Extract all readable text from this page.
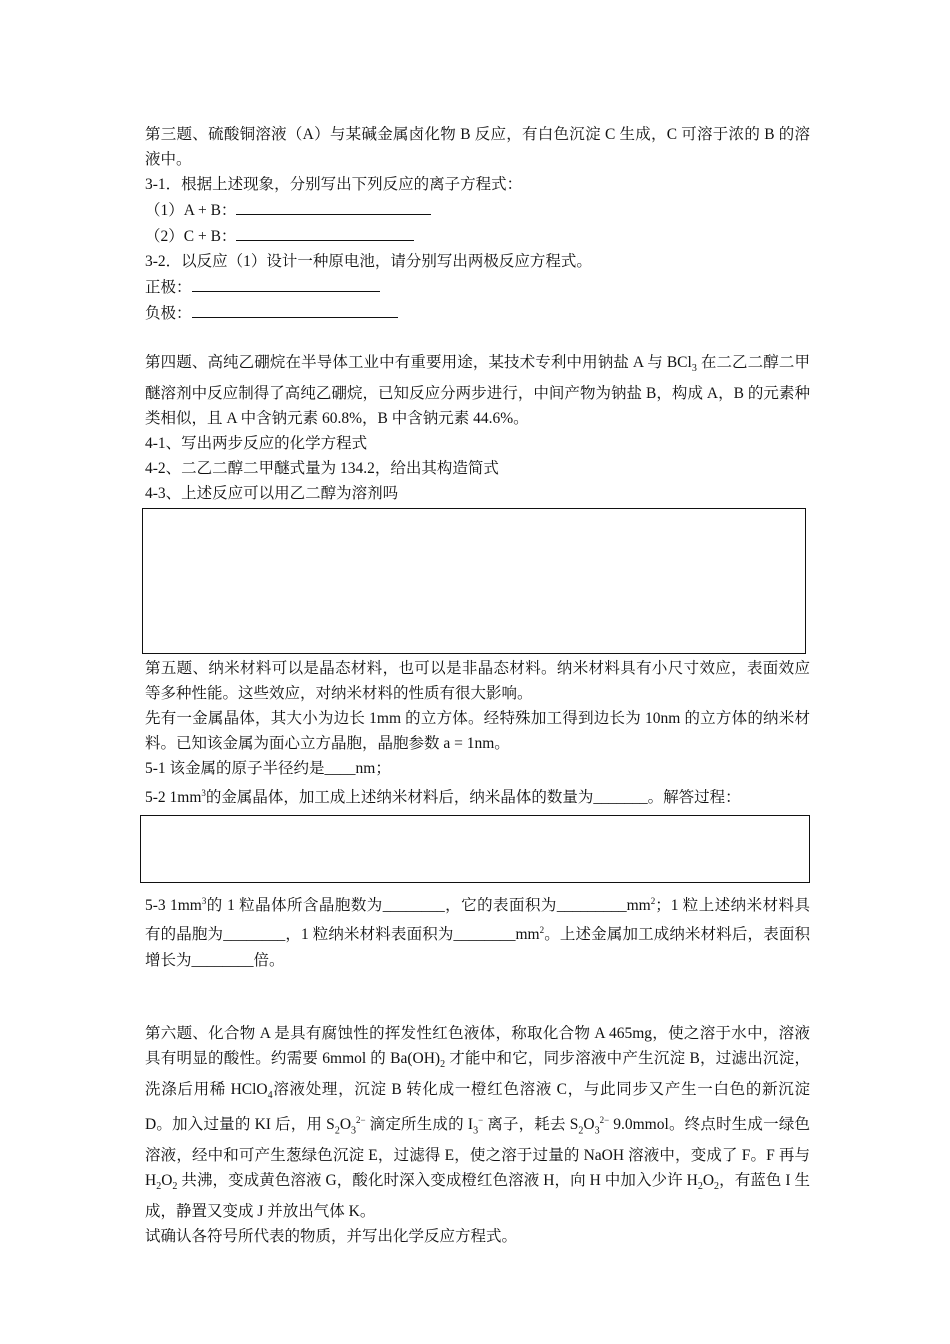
第三题、硫酸铜溶液（A）与某碱金属卤化物 B 反应，有白色沉淀 C 生成，C 可溶于浓的 B 的溶液中。

3-1．根据上述现象，分别写出下列反应的离子方程式：

（1）A + B：

（2）C + B：

3-2．以反应（1）设计一种原电池，请分别写出两极反应方程式。

正极：

负极：

第四题、高纯乙硼烷在半导体工业中有重要用途，某技术专利中用钠盐 A 与 BCl$_3$ 在二乙二醇二甲醚溶剂中反应制得了高纯乙硼烷，已知反应分两步进行，中间产物为钠盐 B，构成 A，B 的元素种类相似，且 A 中含钠元素 60.8%，B 中含钠元素 44.6%。

4-1、写出两步反应的化学方程式

4-2、二乙二醇二甲醚式量为 134.2，给出其构造简式

4-3、上述反应可以用乙二醇为溶剂吗

第五题、纳米材料可以是晶态材料，也可以是非晶态材料。纳米材料具有小尺寸效应，表面效应等多种性能。这些效应，对纳米材料的性质有很大影响。

先有一金属晶体，其大小为边长 1mm 的立方体。经特殊加工得到边长为 10nm 的立方体的纳米材料。已知该金属为面心立方晶胞，晶胞参数 a = 1nm。

5-1 该金属的原子半径约是____nm；

5-2 $1mm^3$的金属晶体，加工成上述纳米材料后，纳米晶体的数量为_______。解答过程：

5-3 $1mm^3$的 1 粒晶体所含晶胞数为________，它的表面积为$\_\_\_\_\_\_\_\_\_mm^2$；1 粒上述纳米材料具有的晶胞为________，1 粒纳米材料表面积为$\_\_\_\_\_\_\_\_mm^2$。上述金属加工成纳米材料后，表面积增长为________倍。

第六题、化合物 A 是具有腐蚀性的挥发性红色液体，称取化合物 A 465mg，使之溶于水中，溶液具有明显的酸性。约需要 6mmol 的 $Ba(OH)_2$ 才能中和它，同步溶液中产生沉淀 B，过滤出沉淀，洗涤后用稀 HClO$_4$溶液处理，沉淀 B 转化成一橙红色溶液 C，与此同步又产生一白色的新沉淀 D。加入过量的 KI 后，用 $S_2O_3^{2-}$ 滴定所生成的 $I_3^-$ 离子，耗去 $S_2O_3^{2-}$ 9.0mmol。终点时生成一绿色溶液，经中和可产生葱绿色沉淀 E，过滤得 E，使之溶于过量的 NaOH 溶液中，变成了 F。F 再与 $H_2O_2$ 共沸，变成黄色溶液 G，酸化时深入变成橙红色溶液 H，向 H 中加入少许 $H_2O_2$，有蓝色 I 生成，静置又变成 J 并放出气体 K。

试确认各符号所代表的物质，并写出化学反应方程式。
